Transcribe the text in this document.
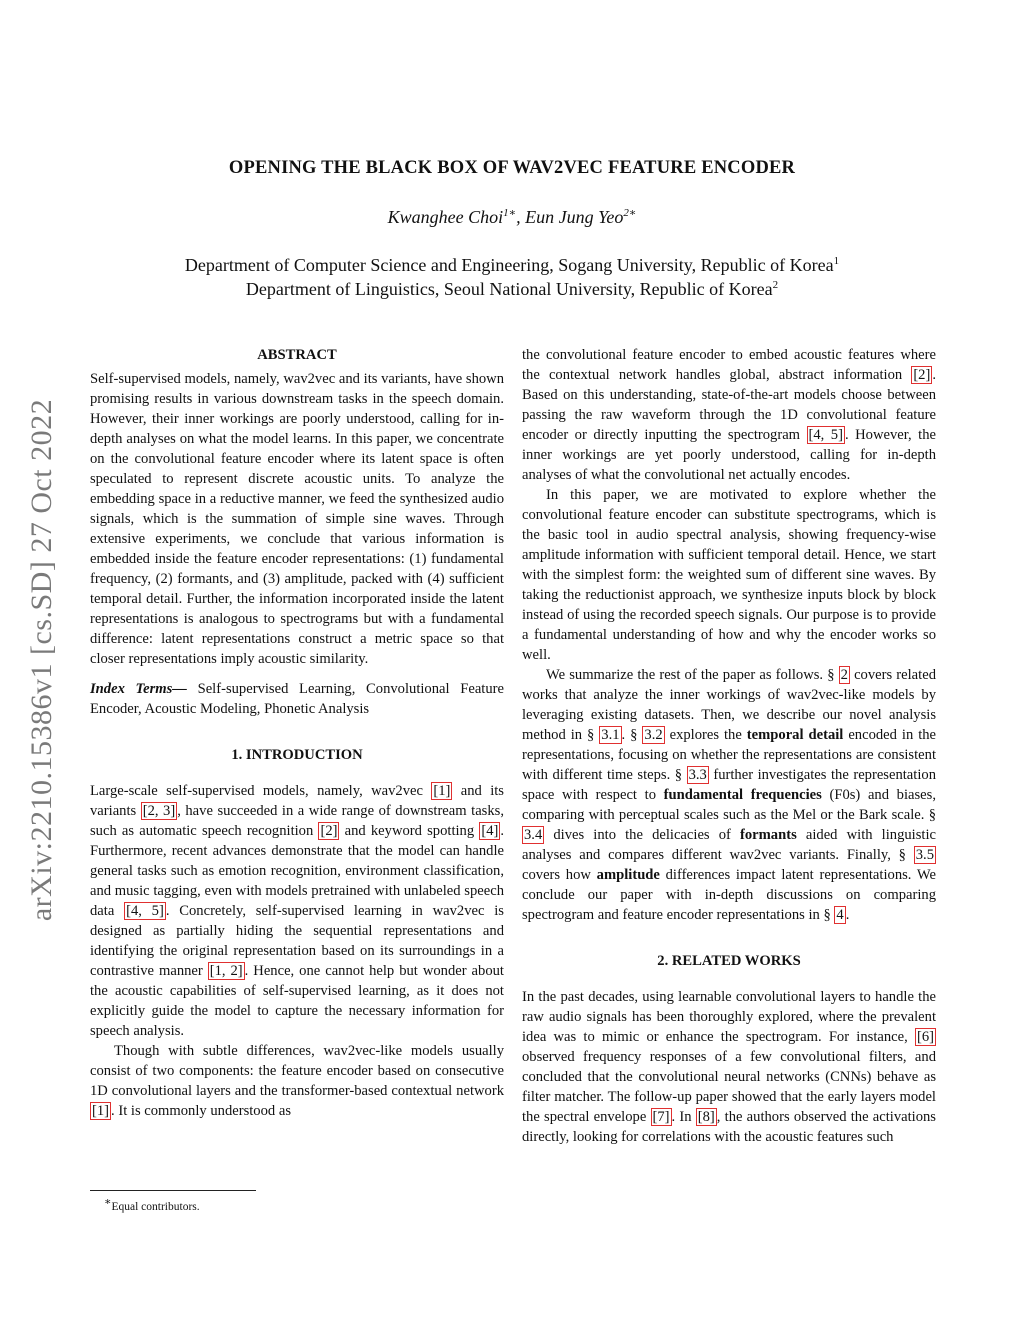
arXiv:2210.15386v1 [cs.SD] 27 Oct 2022
OPENING THE BLACK BOX OF WAV2VEC FEATURE ENCODER
Kwanghee Choi$^{1∗}$, Eun Jung Yeo$^{2∗}$
Department of Computer Science and Engineering, Sogang University, Republic of Korea$^1$
Department of Linguistics, Seoul National University, Republic of Korea$^2$
ABSTRACT

Self-supervised models, namely, wav2vec and its variants, have shown promising results in various downstream tasks in the speech domain. However, their inner workings are poorly understood, calling for in-depth analyses on what the model learns. In this paper, we concentrate on the convolutional feature encoder where its latent space is often speculated to represent discrete acoustic units. To analyze the embedding space in a reductive manner, we feed the synthesized audio signals, which is the summation of simple sine waves. Through extensive experiments, we conclude that various information is embedded inside the feature encoder representations: (1) fundamental frequency, (2) formants, and (3) amplitude, packed with (4) sufficient temporal detail. Further, the information incorporated inside the latent representations is analogous to spectrograms but with a fundamental difference: latent representations construct a metric space so that closer representations imply acoustic similarity.

Index Terms— Self-supervised Learning, Convolutional Feature Encoder, Acoustic Modeling, Phonetic Analysis

1. INTRODUCTION

Large-scale self-supervised models, namely, wav2vec [1] and its variants [2, 3] , have succeeded in a wide range of downstream tasks, such as automatic speech recognition [2] and keyword spotting [4] . Furthermore, recent advances demonstrate that the model can handle general tasks such as emotion recognition, environment classification, and music tagging, even with models pretrained with unlabeled speech data [4, 5] . Concretely, self-supervised learning in wav2vec is designed as partially hiding the sequential representations and identifying the original representation based on its surroundings in a contrastive manner [1, 2] . Hence, one cannot help but wonder about the acoustic capabilities of self-supervised learning, as it does not explicitly guide the model to capture the necessary information for speech analysis.

Though with subtle differences, wav2vec-like models usually consist of two components: the feature encoder based on consecutive 1D convolutional layers and the transformer-based contextual network [1] . It is commonly understood as

the convolutional feature encoder to embed acoustic features where the contextual network handles global, abstract information [2] . Based on this understanding, state-of-the-art models choose between passing the raw waveform through the 1D convolutional feature encoder or directly inputting the spectrogram [4, 5] . However, the inner workings are yet poorly understood, calling for in-depth analyses of what the convolutional net actually encodes.

In this paper, we are motivated to explore whether the convolutional feature encoder can substitute spectrograms, which is the basic tool in audio spectral analysis, showing frequency-wise amplitude information with sufficient temporal detail. Hence, we start with the simplest form: the weighted sum of different sine waves. By taking the reductionist approach, we synthesize inputs block by block instead of using the recorded speech signals. Our purpose is to provide a fundamental understanding of how and why the encoder works so well.

We summarize the rest of the paper as follows. § 2 covers related works that analyze the inner workings of wav2vec-like models by leveraging existing datasets. Then, we describe our novel analysis method in § 3.1 . § 3.2 explores the temporal detail encoded in the representations, focusing on whether the representations are consistent with different time steps. § 3.3 further investigates the representation space with respect to fundamental frequencies (F0s) and biases, comparing with perceptual scales such as the Mel or the Bark scale. § 3.4 dives into the delicacies of formants aided with linguistic analyses and compares different wav2vec variants. Finally, § 3.5 covers how amplitude differences impact latent representations. We conclude our paper with in-depth discussions on comparing spectrogram and feature encoder representations in § 4 .

2. RELATED WORKS

In the past decades, using learnable convolutional layers to handle the raw audio signals has been thoroughly explored, where the prevalent idea was to mimic or enhance the spectrogram. For instance, [6] observed frequency responses of a few convolutional filters, and concluded that the convolutional neural networks (CNNs) behave as filter matcher. The follow-up paper showed that the early layers model the spectral envelope [7] . In [8] , the authors observed the activations directly, looking for correlations with the acoustic features such

∗Equal contributors.
